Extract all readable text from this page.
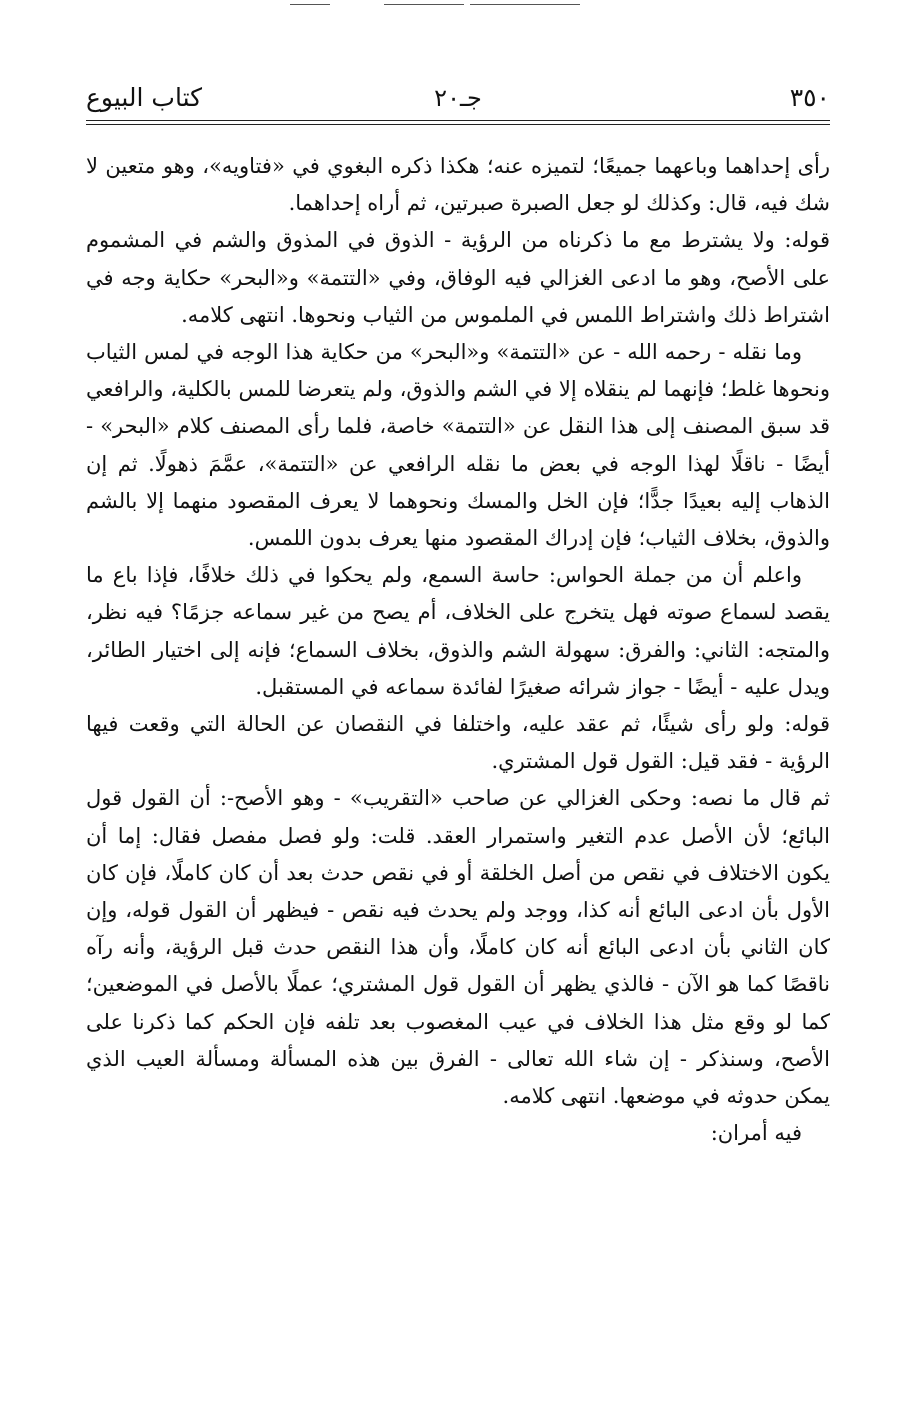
٣٥٠
جـ٢٠
كتاب البيوع

رأى إحداهما وباعهما جميعًا؛ لتميزه عنه؛ هكذا ذكره البغوي في «فتاويه»، وهو متعين لا شك فيه، قال: وكذلك لو جعل الصبرة صبرتين، ثم أراه إحداهما.

قوله: ولا يشترط مع ما ذكرناه من الرؤية - الذوق في المذوق والشم في المشموم على الأصح، وهو ما ادعى الغزالي فيه الوفاق، وفي «التتمة» و«البحر» حكاية وجه في اشتراط ذلك واشتراط اللمس في الملموس من الثياب ونحوها. انتهى كلامه.

وما نقله - رحمه الله - عن «التتمة» و«البحر» من حكاية هذا الوجه في لمس الثياب ونحوها غلط؛ فإنهما لم ينقلاه إلا في الشم والذوق، ولم يتعرضا للمس بالكلية، والرافعي قد سبق المصنف إلى هذا النقل عن «التتمة» خاصة، فلما رأى المصنف كلام «البحر» - أيضًا - ناقلًا لهذا الوجه في بعض ما نقله الرافعي عن «التتمة»، عمَّمَ ذهولًا. ثم إن الذهاب إليه بعيدًا جدًّا؛ فإن الخل والمسك ونحوهما لا يعرف المقصود منهما إلا بالشم والذوق، بخلاف الثياب؛ فإن إدراك المقصود منها يعرف بدون اللمس.

واعلم أن من جملة الحواس: حاسة السمع، ولم يحكوا في ذلك خلافًا، فإذا باع ما يقصد لسماع صوته فهل يتخرج على الخلاف، أم يصح من غير سماعه جزمًا؟ فيه نظر، والمتجه: الثاني: والفرق: سهولة الشم والذوق، بخلاف السماع؛ فإنه إلى اختيار الطائر، ويدل عليه - أيضًا - جواز شرائه صغيرًا لفائدة سماعه في المستقبل.

قوله: ولو رأى شيئًا، ثم عقد عليه، واختلفا في النقصان عن الحالة التي وقعت فيها الرؤية - فقد قيل: القول قول المشتري.

ثم قال ما نصه: وحكى الغزالي عن صاحب «التقريب» - وهو الأصح-: أن القول قول البائع؛ لأن الأصل عدم التغير واستمرار العقد. قلت: ولو فصل مفصل فقال: إما أن يكون الاختلاف في نقص من أصل الخلقة أو في نقص حدث بعد أن كان كاملًا، فإن كان الأول بأن ادعى البائع أنه كذا، ووجد ولم يحدث فيه نقص - فيظهر أن القول قوله، وإن كان الثاني بأن ادعى البائع أنه كان كاملًا، وأن هذا النقص حدث قبل الرؤية، وأنه رآه ناقصًا كما هو الآن - فالذي يظهر أن القول قول المشتري؛ عملًا بالأصل في الموضعين؛ كما لو وقع مثل هذا الخلاف في عيب المغصوب بعد تلفه فإن الحكم كما ذكرنا على الأصح، وسنذكر - إن شاء الله تعالى - الفرق بين هذه المسألة ومسألة العيب الذي يمكن حدوثه في موضعها. انتهى كلامه.

فيه أمران:
